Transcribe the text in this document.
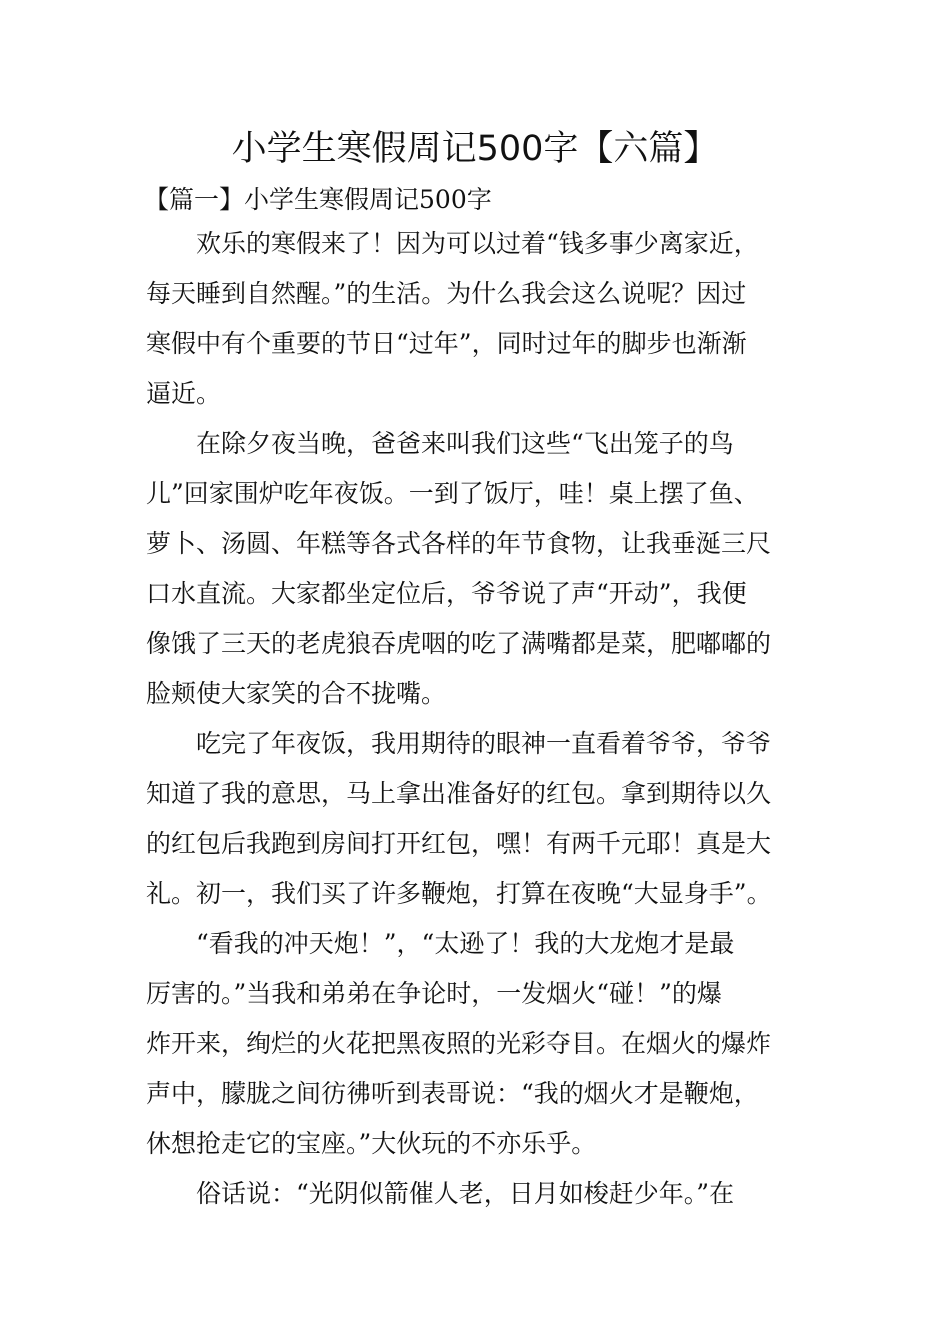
小学生寒假周记500字【六篇】
【篇一】小学生寒假周记500字
欢乐的寒假来了！因为可以过着“钱多事少离家近，
每天睡到自然醒。”的生活。为什么我会这么说呢？因过
寒假中有个重要的节日“过年”，同时过年的脚步也渐渐
逼近。
在除夕夜当晚，爸爸来叫我们这些“飞出笼子的鸟
儿”回家围炉吃年夜饭。一到了饭厅，哇！桌上摆了鱼、
萝卜、汤圆、年糕等各式各样的年节食物，让我垂涎三尺
口水直流。大家都坐定位后，爷爷说了声“开动”，我便
像饿了三天的老虎狼吞虎咽的吃了满嘴都是菜，肥嘟嘟的
脸颊使大家笑的合不拢嘴。
吃完了年夜饭，我用期待的眼神一直看着爷爷，爷爷
知道了我的意思，马上拿出准备好的红包。拿到期待以久
的红包后我跑到房间打开红包，嘿！有两千元耶！真是大
礼。初一，我们买了许多鞭炮，打算在夜晚“大显身手”。
“看我的冲天炮！”，“太逊了！我的大龙炮才是最
厉害的。”当我和弟弟在争论时，一发烟火“碰！”的爆
炸开来，绚烂的火花把黑夜照的光彩夺目。在烟火的爆炸
声中，朦胧之间彷彿听到表哥说：“我的烟火才是鞭炮，
休想抢走它的宝座。”大伙玩的不亦乐乎。
俗话说：“光阴似箭催人老，日月如梭赶少年。”在
